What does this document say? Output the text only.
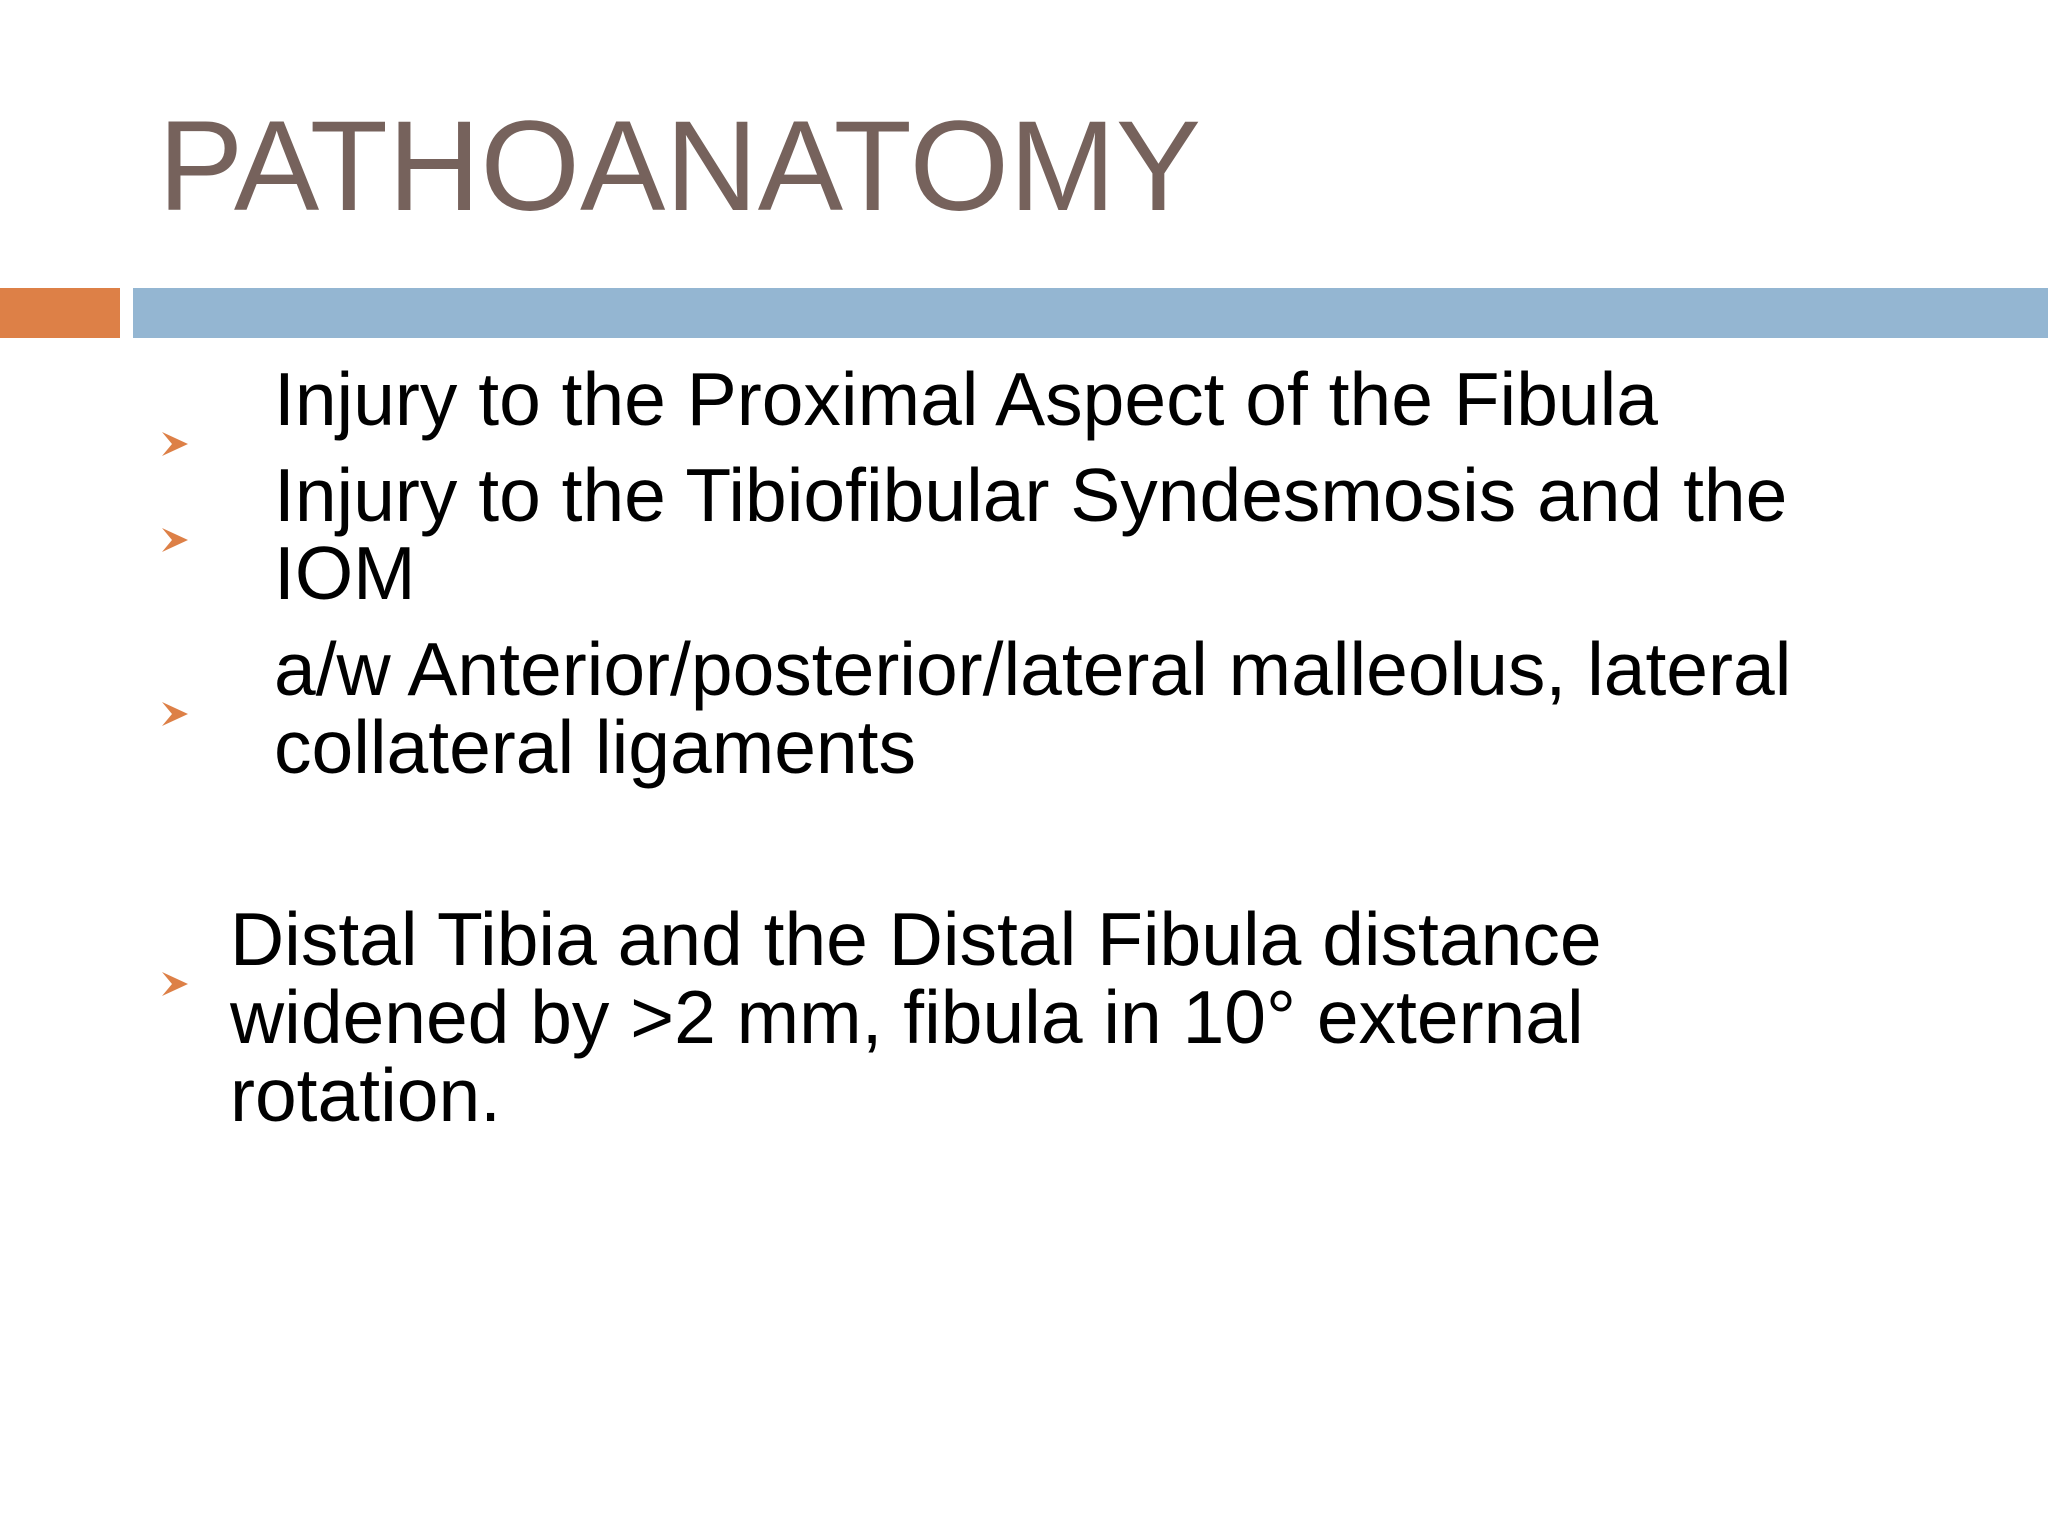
PATHOANATOMY
Injury to the Proximal Aspect of the Fibula
Injury to the Tibiofibular Syndesmosis and the IOM
a/w Anterior/posterior/lateral malleolus, lateral collateral ligaments
Distal Tibia and the Distal Fibula distance widened by >2 mm, fibula in 10° external rotation.
